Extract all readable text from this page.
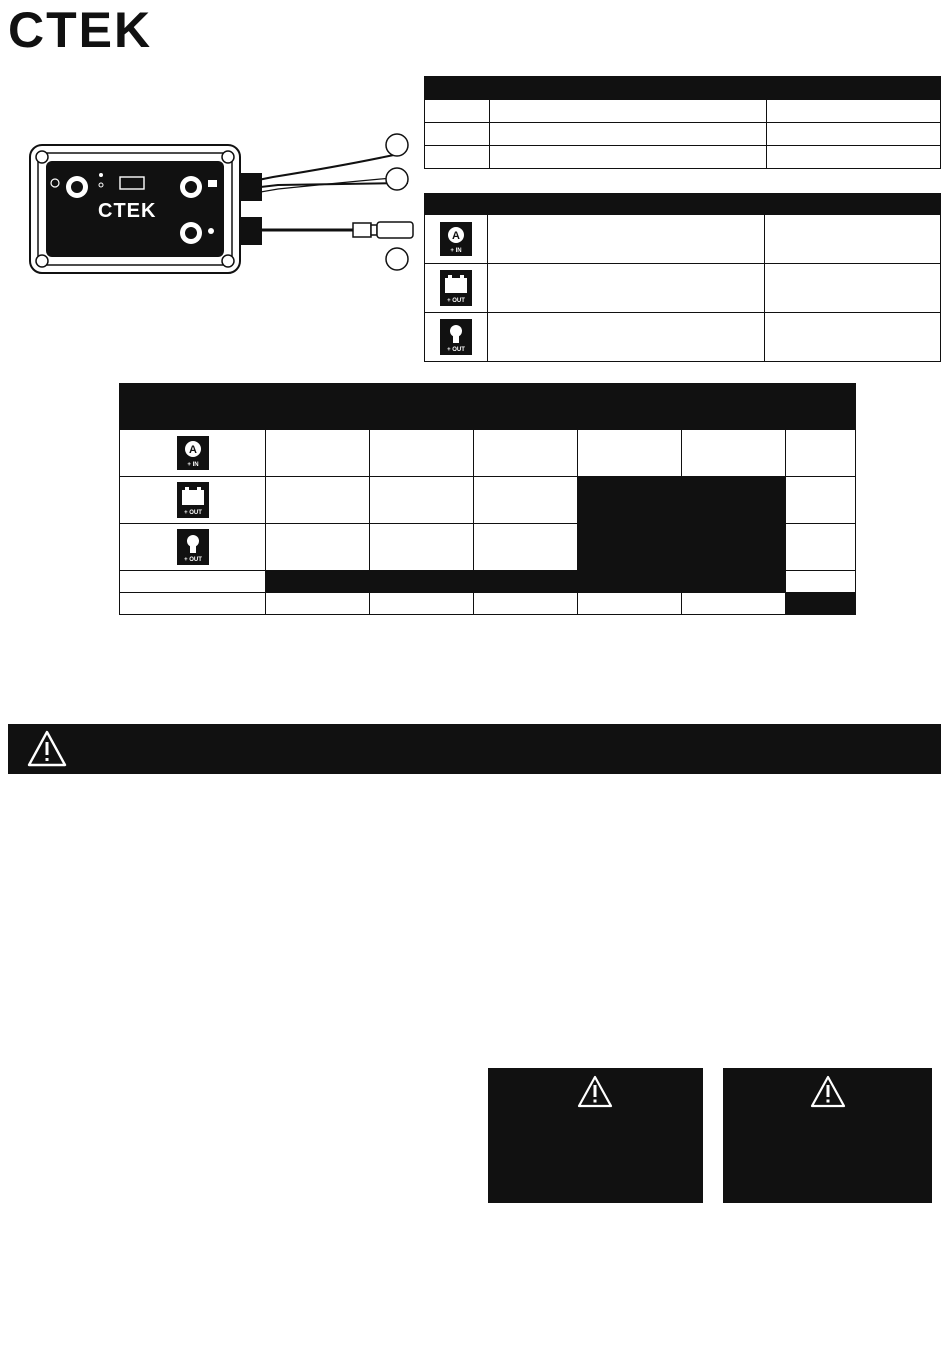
CTEK
CTEK

A
+ IN		

+ OUT		

+ OUT		

A
+ IN						

+ OUT						

+ OUT						
